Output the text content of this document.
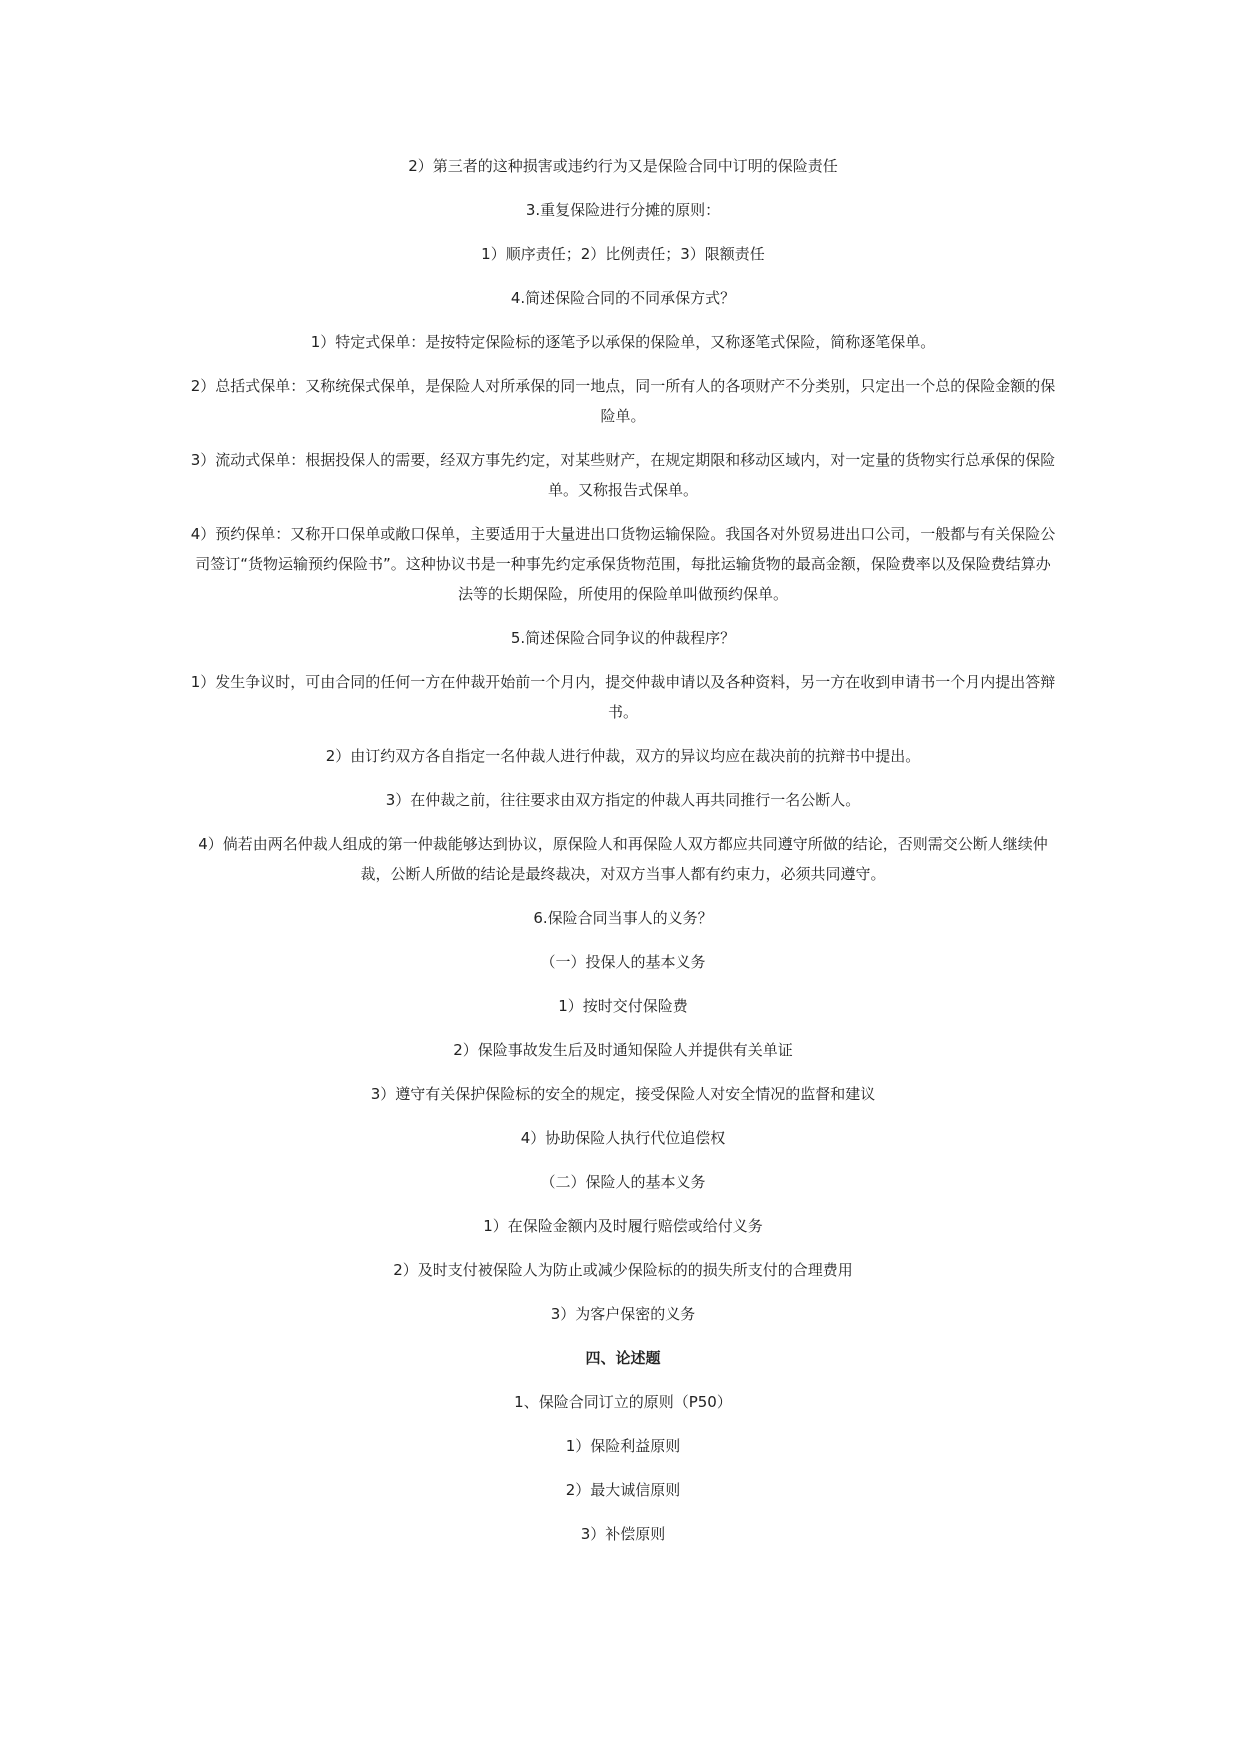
2）第三者的这种损害或违约行为又是保险合同中订明的保险责任

3.重复保险进行分摊的原则：

1）顺序责任；2）比例责任；3）限额责任

4.简述保险合同的不同承保方式？

1）特定式保单：是按特定保险标的逐笔予以承保的保险单，又称逐笔式保险，简称逐笔保单。

2）总括式保单：又称统保式保单，是保险人对所承保的同一地点，同一所有人的各项财产不分类别，只定出一个总的保险金额的保险单。

3）流动式保单：根据投保人的需要，经双方事先约定，对某些财产，在规定期限和移动区域内，对一定量的货物实行总承保的保险单。又称报告式保单。

4）预约保单：又称开口保单或敞口保单，主要适用于大量进出口货物运输保险。我国各对外贸易进出口公司，一般都与有关保险公司签订“货物运输预约保险书”。这种协议书是一种事先约定承保货物范围，每批运输货物的最高金额，保险费率以及保险费结算办法等的长期保险，所使用的保险单叫做预约保单。

5.简述保险合同争议的仲裁程序？

1）发生争议时，可由合同的任何一方在仲裁开始前一个月内，提交仲裁申请以及各种资料，另一方在收到申请书一个月内提出答辩书。

2）由订约双方各自指定一名仲裁人进行仲裁，双方的异议均应在裁决前的抗辩书中提出。

3）在仲裁之前，往往要求由双方指定的仲裁人再共同推行一名公断人。

4）倘若由两名仲裁人组成的第一仲裁能够达到协议，原保险人和再保险人双方都应共同遵守所做的结论，否则需交公断人继续仲裁，公断人所做的结论是最终裁决，对双方当事人都有约束力，必须共同遵守。

6.保险合同当事人的义务？

（一）投保人的基本义务

1）按时交付保险费

2）保险事故发生后及时通知保险人并提供有关单证

3）遵守有关保护保险标的安全的规定，接受保险人对安全情况的监督和建议

4）协助保险人执行代位追偿权

（二）保险人的基本义务

1）在保险金额内及时履行赔偿或给付义务

2）及时支付被保险人为防止或减少保险标的的损失所支付的合理费用

3）为客户保密的义务

四、论述题

1、保险合同订立的原则（P50）

1）保险利益原则

2）最大诚信原则

3）补偿原则
